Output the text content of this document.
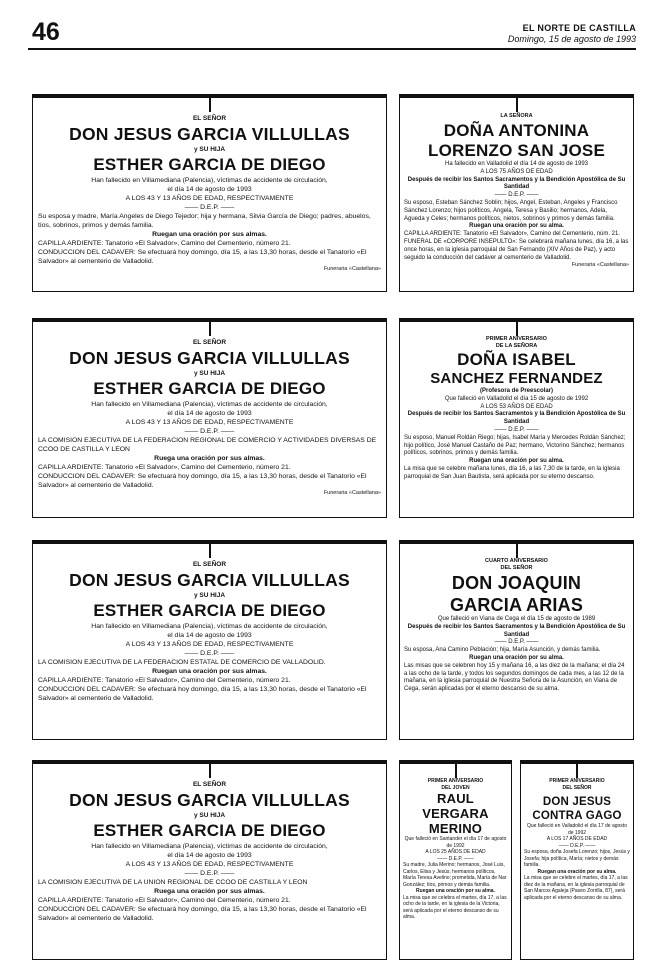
46	EL NORTE DE CASTILLA
Domingo, 15 de agosto de 1993
EL SEÑOR
DON JESUS GARCIA VILLULLAS
y SU HIJA
ESTHER GARCIA DE DIEGO
Han fallecido en Villamediana (Palencia), víctimas de accidente de circulación,
el día 14 de agosto de 1993
A LOS 43 Y 13 AÑOS DE EDAD, RESPECTIVAMENTE
—— D.E.P. ——
Su esposa y madre, María Angeles de Diego Tejedor; hija y hermana, Silvia García de Diego; padres, abuelos, tíos, sobrinos, primos y demás familia.
Ruegan una oración por sus almas.
CAPILLA ARDIENTE: Tanatorio «El Salvador», Camino del Cementerio, número 21.
CONDUCCION DEL CADAVER: Se efectuará hoy domingo, día 15, a las 13,30 horas, desde el Tanatorio «El Salvador» al cementerio de Valladolid.
Funeraria «Castellana»
EL SEÑOR
DON JESUS GARCIA VILLULLAS
y SU HIJA
ESTHER GARCIA DE DIEGO
Han fallecido en Villamediana (Palencia), víctimas de accidente de circulación,
el día 14 de agosto de 1993
A LOS 43 Y 13 AÑOS DE EDAD, RESPECTIVAMENTE
—— D.E.P. ——
LA COMISION EJECUTIVA DE LA FEDERACION REGIONAL DE COMERCIO Y ACTIVIDADES DIVERSAS DE CCOO DE CASTILLA Y LEON
Ruega una oración por sus almas.
CAPILLA ARDIENTE: Tanatorio «El Salvador», Camino del Cementerio, número 21.
CONDUCCION DEL CADAVER: Se efectuará hoy domingo, día 15, a las 13,30 horas, desde el Tanatorio «El Salvador» al cementerio de Valladolid.
Funeraria «Castellana»
EL SEÑOR
DON JESUS GARCIA VILLULLAS
y SU HIJA
ESTHER GARCIA DE DIEGO
Han fallecido en Villamediana (Palencia), víctimas de accidente de circulación,
el día 14 de agosto de 1993
A LOS 43 Y 13 AÑOS DE EDAD, RESPECTIVAMENTE
—— D.E.P. ——
LA COMISION EJECUTIVA DE LA FEDERACION ESTATAL DE COMERCIO DE VALLADOLID.
Ruegan una oración por sus almas.
CAPILLA ARDIENTE: Tanatorio «El Salvador», Camino del Cementerio, número 21.
CONDUCCION DEL CADAVER: Se efectuará hoy domingo, día 15, a las 13,30 horas, desde el Tanatorio «El Salvador» al cementerio de Valladolid.
EL SEÑOR
DON JESUS GARCIA VILLULLAS
y SU HIJA
ESTHER GARCIA DE DIEGO
Han fallecido en Villamediana (Palencia), víctimas de accidente de circulación,
el día 14 de agosto de 1993
A LOS 43 Y 13 AÑOS DE EDAD, RESPECTIVAMENTE
—— D.E.P. ——
LA COMISION EJECUTIVA DE LA UNION REGIONAL DE CCOO DE CASTILLA Y LEON
Ruega una oración por sus almas.
CAPILLA ARDIENTE: Tanatorio «El Salvador», Camino del Cementerio, número 21.
CONDUCCION DEL CADAVER: Se efectuará hoy domingo, día 15, a las 13,30 horas, desde el Tanatorio «El Salvador» al cementerio de Valladolid.
LA SEÑORA
DOÑA ANTONINA
LORENZO SAN JOSE
Ha fallecido en Valladolid el día 14 de agosto de 1993
A LOS 75 AÑOS DE EDAD
Después de recibir los Santos Sacramentos y la Bendición Apostólica de Su Santidad
—— D.E.P. ——
Su esposo, Esteban Sánchez Soblin; hijos, Angel, Esteban, Angeles y Francisco Sánchez Lorenzo; hijos políticos, Angela, Teresa y Basilio; hermanos, Adela, Agueda y Celes; hermanos políticos, nietos, sobrinos y primos y demás familia.
Ruegan una oración por su alma.
CAPILLA ARDIENTE: Tanatorio «El Salvador», Camino del Cementerio, núm. 21.
FUNERAL DE «CORPORE INSEPULTO»: Se celebrará mañana lunes, día 16, a las once horas, en la iglesia parroquial de San Fernando (XIV Años de Paz), y acto seguido la conducción del cadáver al cementerio de Valladolid.
Funeraria «Castellana»
PRIMER ANIVERSARIO
DE LA SEÑORA
DOÑA ISABEL
SANCHEZ FERNANDEZ
(Profesora de Preescolar)
Que falleció en Valladolid el día 15 de agosto de 1992
A LOS 53 AÑOS DE EDAD
Después de recibir los Santos Sacramentos y la Bendición Apostólica de Su Santidad
—— D.E.P. ——
Su esposo, Manuel Roldán Riego; hijas, Isabel María y Mercedes Roldán Sánchez; hijo político, José Manuel Castaño de Paz; hermano, Victorino Sánchez; hermanos políticos, sobrinos, primos y demás familia.
Ruegan una oración por su alma.
La misa que se celebre mañana lunes, día 16, a las 7,30 de la tarde, en la iglesia parroquial de San Juan Bautista, será aplicada por su eterno descanso.
CUARTO ANIVERSARIO
DEL SEÑOR
DON JOAQUIN
GARCIA ARIAS
Que falleció en Viana de Cega el día 15 de agosto de 1989
Después de recibir los Santos Sacramentos y la Bendición Apostólica de Su Santidad
—— D.E.P. ——
Su esposa, Ana Camino Peblación; hija, María Asunción, y demás familia.
Ruegan una oración por su alma.
Las misas que se celebren hoy 15 y mañana 16, a las diez de la mañana; el día 24 a las ocho de la tarde, y todos los segundos domingos de cada mes, a las 12 de la mañana, en la iglesia parroquial de Nuestra Señora de la Asunción, en Viana de Cega, serán aplicadas por el eterno descanso de su alma.
PRIMER ANIVERSARIO
DEL JOVEN
RAUL
VERGARA
MERINO
Que falleció en Santander el día 17 de agosto de 1992
A LOS 25 AÑOS DE EDAD
—— D.E.P. ——
Su madre, Julia Merino; hermanos, José Luis, Carlos, Elisa y Jesús; hermanos políticos, María Teresa Avelino; prometida, María de Nar González; tíos, primos y demás familia.
Ruegan una oración por su alma.
La misa que se celebra el martes, día 17, a las ocho de la tarde, en la iglesia de la Victoria, será aplicada por el eterno descanso de su alma.
PRIMER ANIVERSARIO
DEL SEÑOR
DON JESUS
CONTRA GAGO
Que falleció en Valladolid el día 17 de agosto de 1992
A LOS 17 AÑOS DE EDAD
—— D.E.P. ——
Su esposa, doña Josefa Lorenzo; hijos, Jesús y Josefa; hija política, María; nietos y demás familia.
Ruegan una oración por su alma.
La misa que se celebre el martes, día 17, a las diez de la mañana, en la iglesia parroquial de San Marcos Agaleja (Paseo Zorrilla, 87), será aplicada por el eterno descanso de su alma.
